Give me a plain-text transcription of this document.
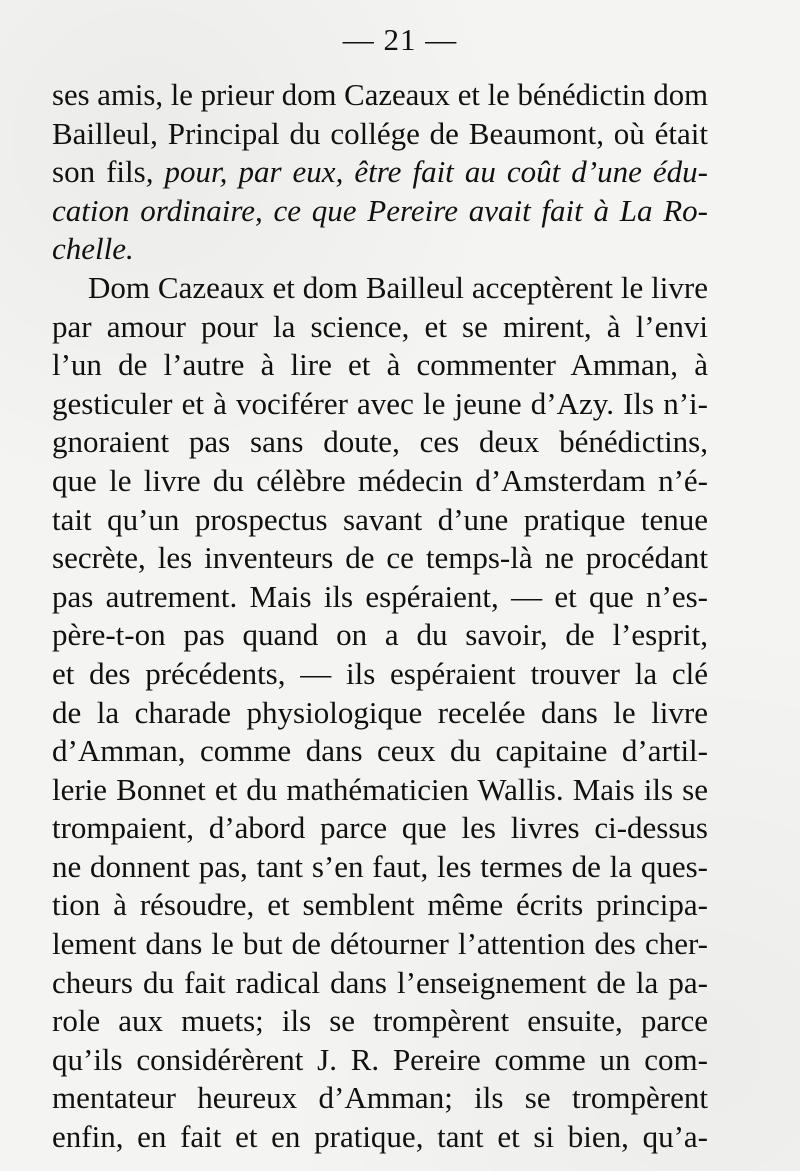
— 21 —
ses amis, le prieur dom Cazeaux et le bénédictin dom
Bailleul, Principal du collége de Beaumont, où était
son fils, pour, par eux, être fait au coût d’une édu-
cation ordinaire, ce que Pereire avait fait à La Ro-
chelle.
Dom Cazeaux et dom Bailleul acceptèrent le livre
par amour pour la science, et se mirent, à l’envi
l’un de l’autre à lire et à commenter Amman, à
gesticuler et à vociférer avec le jeune d’Azy. Ils n’i-
gnoraient pas sans doute, ces deux bénédictins,
que le livre du célèbre médecin d’Amsterdam n’é-
tait qu’un prospectus savant d’une pratique tenue
secrète, les inventeurs de ce temps-là ne procédant
pas autrement. Mais ils espéraient, — et que n’es-
père-t-on pas quand on a du savoir, de l’esprit,
et des précédents, — ils espéraient trouver la clé
de la charade physiologique recelée dans le livre
d’Amman, comme dans ceux du capitaine d’artil-
lerie Bonnet et du mathématicien Wallis. Mais ils se
trompaient, d’abord parce que les livres ci-dessus
ne donnent pas, tant s’en faut, les termes de la ques-
tion à résoudre, et semblent même écrits principa-
lement dans le but de détourner l’attention des cher-
cheurs du fait radical dans l’enseignement de la pa-
role aux muets; ils se trompèrent ensuite, parce
qu’ils considérèrent J. R. Pereire comme un com-
mentateur heureux d’Amman; ils se trompèrent
enfin, en fait et en pratique, tant et si bien, qu’a-
